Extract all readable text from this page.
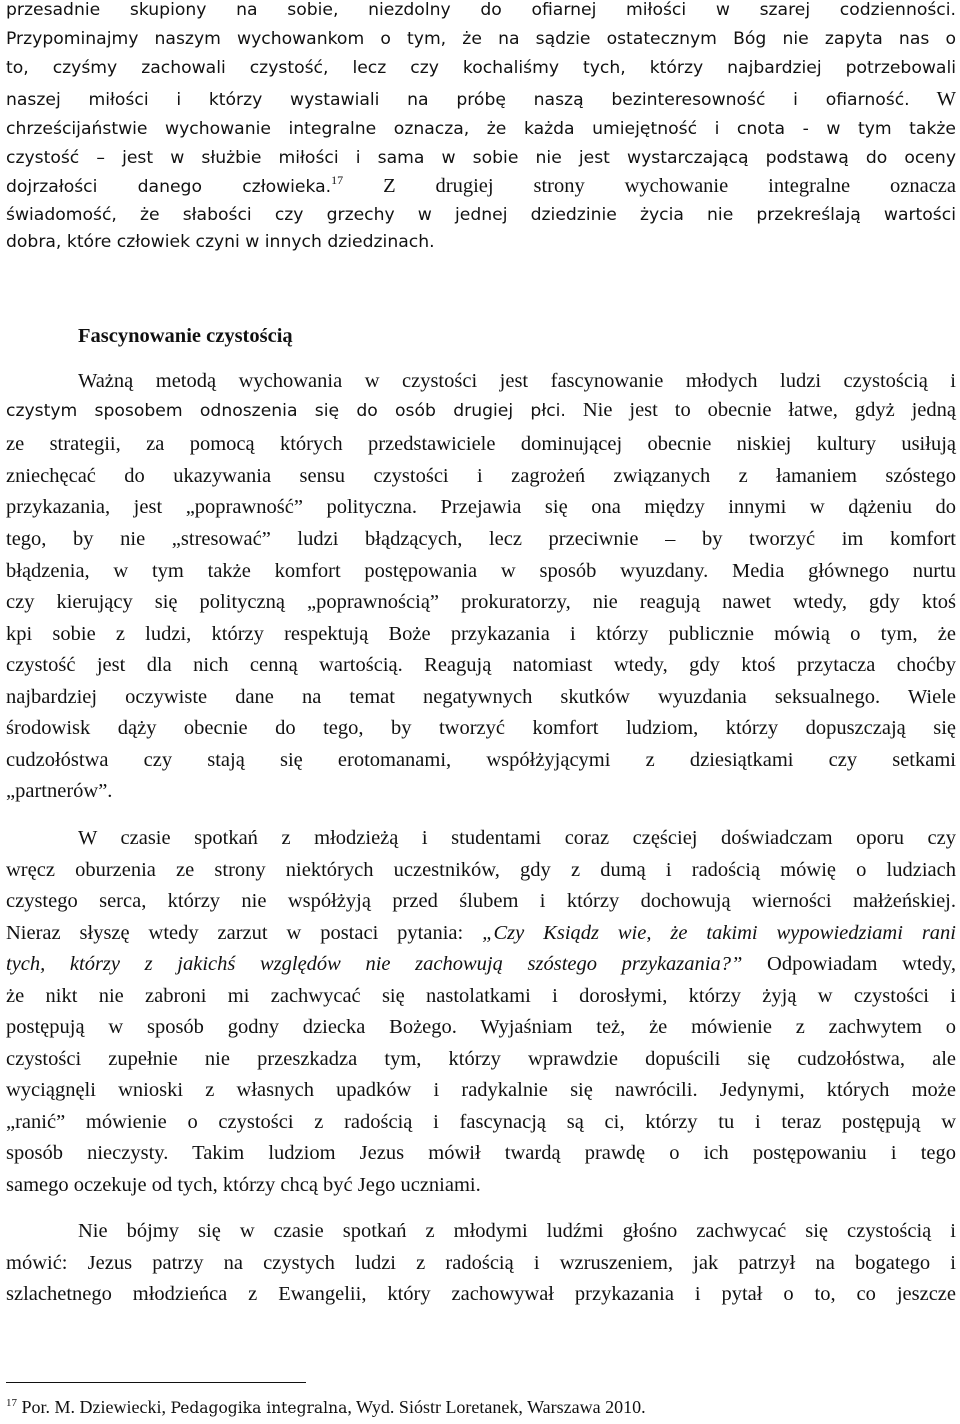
przesadnie skupiony na sobie, niezdolny do ofiarnej miłości w szarej codzienności.
Przypominajmy naszym wychowankom o tym, że na sądzie ostatecznym Bóg nie zapyta nas o
to, czyśmy zachowali czystość, lecz czy kochaliśmy tych, którzy najbardziej potrzebowali
naszej miłości i którzy wystawiali na próbę naszą bezinteresowność i ofiarność. W
chrześcijaństwie wychowanie integralne oznacza, że każda umiejętność i cnota - w tym także
czystość – jest w służbie miłości i sama w sobie nie jest wystarczającą podstawą do oceny
dojrzałości danego człowieka.$^{17}$ Z drugiej strony wychowanie integralne oznacza
świadomość, że słabości czy grzechy w jednej dziedzinie życia nie przekreślają wartości
dobra, które człowiek czyni w innych dziedzinach.
Fascynowanie czystością
Ważną metodą wychowania w czystości jest fascynowanie młodych ludzi czystością i
czystym sposobem odnoszenia się do osób drugiej płci. Nie jest to obecnie łatwe, gdyż jedną
ze strategii, za pomocą których przedstawiciele dominującej obecnie niskiej kultury usiłują
zniechęcać do ukazywania sensu czystości i zagrożeń związanych z łamaniem szóstego
przykazania, jest „poprawność” polityczna. Przejawia się ona między innymi w dążeniu do
tego, by nie „stresować” ludzi błądzących, lecz przeciwnie – by tworzyć im komfort
błądzenia, w tym także komfort postępowania w sposób wyuzdany. Media głównego nurtu
czy kierujący się polityczną „poprawnością” prokuratorzy, nie reagują nawet wtedy, gdy ktoś
kpi sobie z ludzi, którzy respektują Boże przykazania i którzy publicznie mówią o tym, że
czystość jest dla nich cenną wartością. Reagują natomiast wtedy, gdy ktoś przytacza choćby
najbardziej oczywiste dane na temat negatywnych skutków wyuzdania seksualnego. Wiele
środowisk dąży obecnie do tego, by tworzyć komfort ludziom, którzy dopuszczają się
cudzołóstwa czy stają się erotomanami, współżyjącymi z dziesiątkami czy setkami
„partnerów”.
W czasie spotkań z młodzieżą i studentami coraz częściej doświadczam oporu czy
wręcz oburzenia ze strony niektórych uczestników, gdy z dumą i radością mówię o ludziach
czystego serca, którzy nie współżyją przed ślubem i którzy dochowują wierności małżeńskiej.
Nieraz słyszę wtedy zarzut w postaci pytania: „Czy Ksiądz wie, że takimi wypowiedziami rani
tych, którzy z jakichś względów nie zachowują szóstego przykazania?” Odpowiadam wtedy,
że nikt nie zabroni mi zachwycać się nastolatkami i dorosłymi, którzy żyją w czystości i
postępują w sposób godny dziecka Bożego. Wyjaśniam też, że mówienie z zachwytem o
czystości zupełnie nie przeszkadza tym, którzy wprawdzie dopuścili się cudzołóstwa, ale
wyciągnęli wnioski z własnych upadków i radykalnie się nawrócili. Jedynymi, których może
„ranić” mówienie o czystości z radością i fascynacją są ci, którzy tu i teraz postępują w
sposób nieczysty. Takim ludziom Jezus mówił twardą prawdę o ich postępowaniu i tego
samego oczekuje od tych, którzy chcą być Jego uczniami.
Nie bójmy się w czasie spotkań z młodymi ludźmi głośno zachwycać się czystością i
mówić: Jezus patrzy na czystych ludzi z radością i wzruszeniem, jak patrzył na bogatego i
szlachetnego młodzieńca z Ewangelii, który zachowywał przykazania i pytał o to, co jeszcze
$^{17}$ Por. M. Dziewiecki, Pedagogika integralna, Wyd. Sióstr Loretanek, Warszawa 2010.
